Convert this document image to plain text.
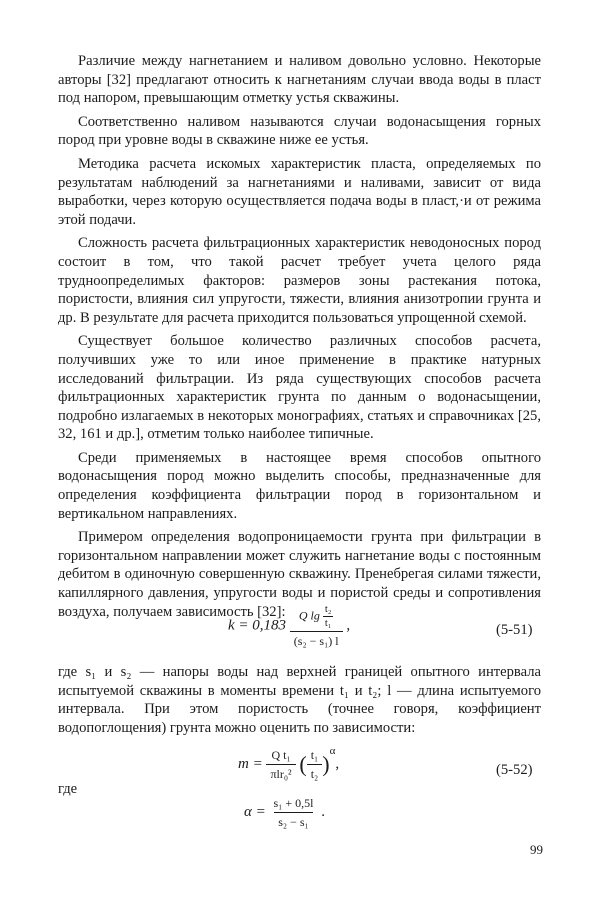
Различие между нагнетанием и наливом довольно условно. Некоторые авторы [32] предлагают относить к нагнетаниям случаи ввода воды в пласт под напором, превышающим отметку устья скважины.

Соответственно наливом называются случаи водонасыщения горных пород при уровне воды в скважине ниже ее устья.

Методика расчета искомых характеристик пласта, определяемых по результатам наблюдений за нагнетаниями и наливами, зависит от вида выработки, через которую осуществляется подача воды в пласт,·и от режима этой подачи.

Сложность расчета фильтрационных характеристик неводоносных пород состоит в том, что такой расчет требует учета целого ряда трудноопределимых факторов: размеров зоны растекания потока, пористости, влияния сил упругости, тяжести, влияния анизотропии грунта и др. В результате для расчета приходится пользоваться упрощенной схемой.

Существует большое количество различных способов расчета, получивших уже то или иное применение в практике натурных исследований фильтрации. Из ряда существующих способов расчета фильтрационных характеристик грунта по данным о водонасыщении, подробно излагаемых в некоторых монографиях, статьях и справочниках [25, 32, 161 и др.], отметим только наиболее типичные.

Среди применяемых в настоящее время способов опытного водонасыщения пород можно выделить способы, предназначенные для определения коэффициента фильтрации пород в горизонтальном и вертикальном направлениях.

Примером определения водопроницаемости грунта при фильтрации в горизонтальном направлении может служить нагнетание воды с постоянным дебитом в одиночную совершенную скважину. Пренебрегая силами тяжести, капиллярного давления, упругости воды и пористой среды и сопротивления воздуха, получаем зависимость [32]:

$k = 0,183 \frac{Q \lg \frac{\text{t₂}}{\text{t₁}}}{\text{(s₂ − s₁) l}}$ ,	(5-51)

где s₁ и s₂ — напоры воды над верхней границей опытного интервала испытуемой скважины в моменты времени t₁ и t₂; l — длина испытуемого интервала. При этом пористость (точнее говоря, коэффициент водопоглощения) грунта можно оценить по зависимости:

$m = \frac{\text{Q t₁}}{\text{πlr₀²}}$ ( $\frac{\text{t₁}}{\text{t₂}} )^\alpha$,	(5-52)
где
$\alpha = \frac{\text{s₁ + 0,5l}}{\text{s₂ − s₁}}$ .
99
